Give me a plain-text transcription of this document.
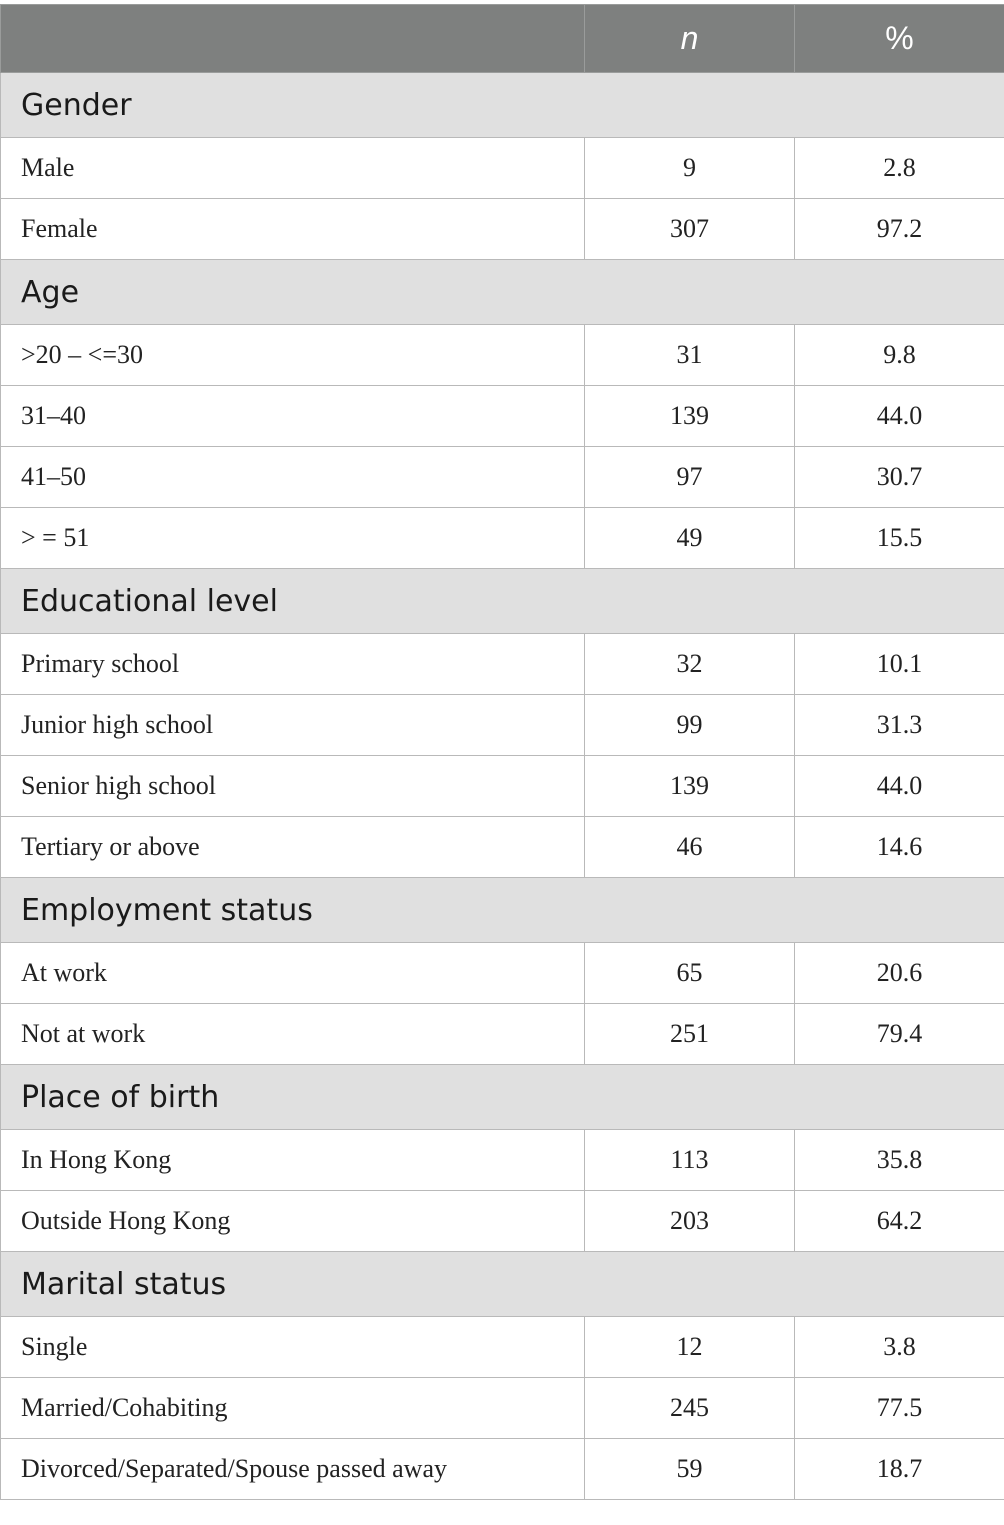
	n	%
Gender		
Male	9	2.8
Female	307	97.2
Age		
>20 – <=30	31	9.8
31–40	139	44.0
41–50	97	30.7
> = 51	49	15.5
Educational level		
Primary school	32	10.1
Junior high school	99	31.3
Senior high school	139	44.0
Tertiary or above	46	14.6
Employment status		
At work	65	20.6
Not at work	251	79.4
Place of birth		
In Hong Kong	113	35.8
Outside Hong Kong	203	64.2
Marital status		
Single	12	3.8
Married/Cohabiting	245	77.5
Divorced/Separated/Spouse passed away	59	18.7
